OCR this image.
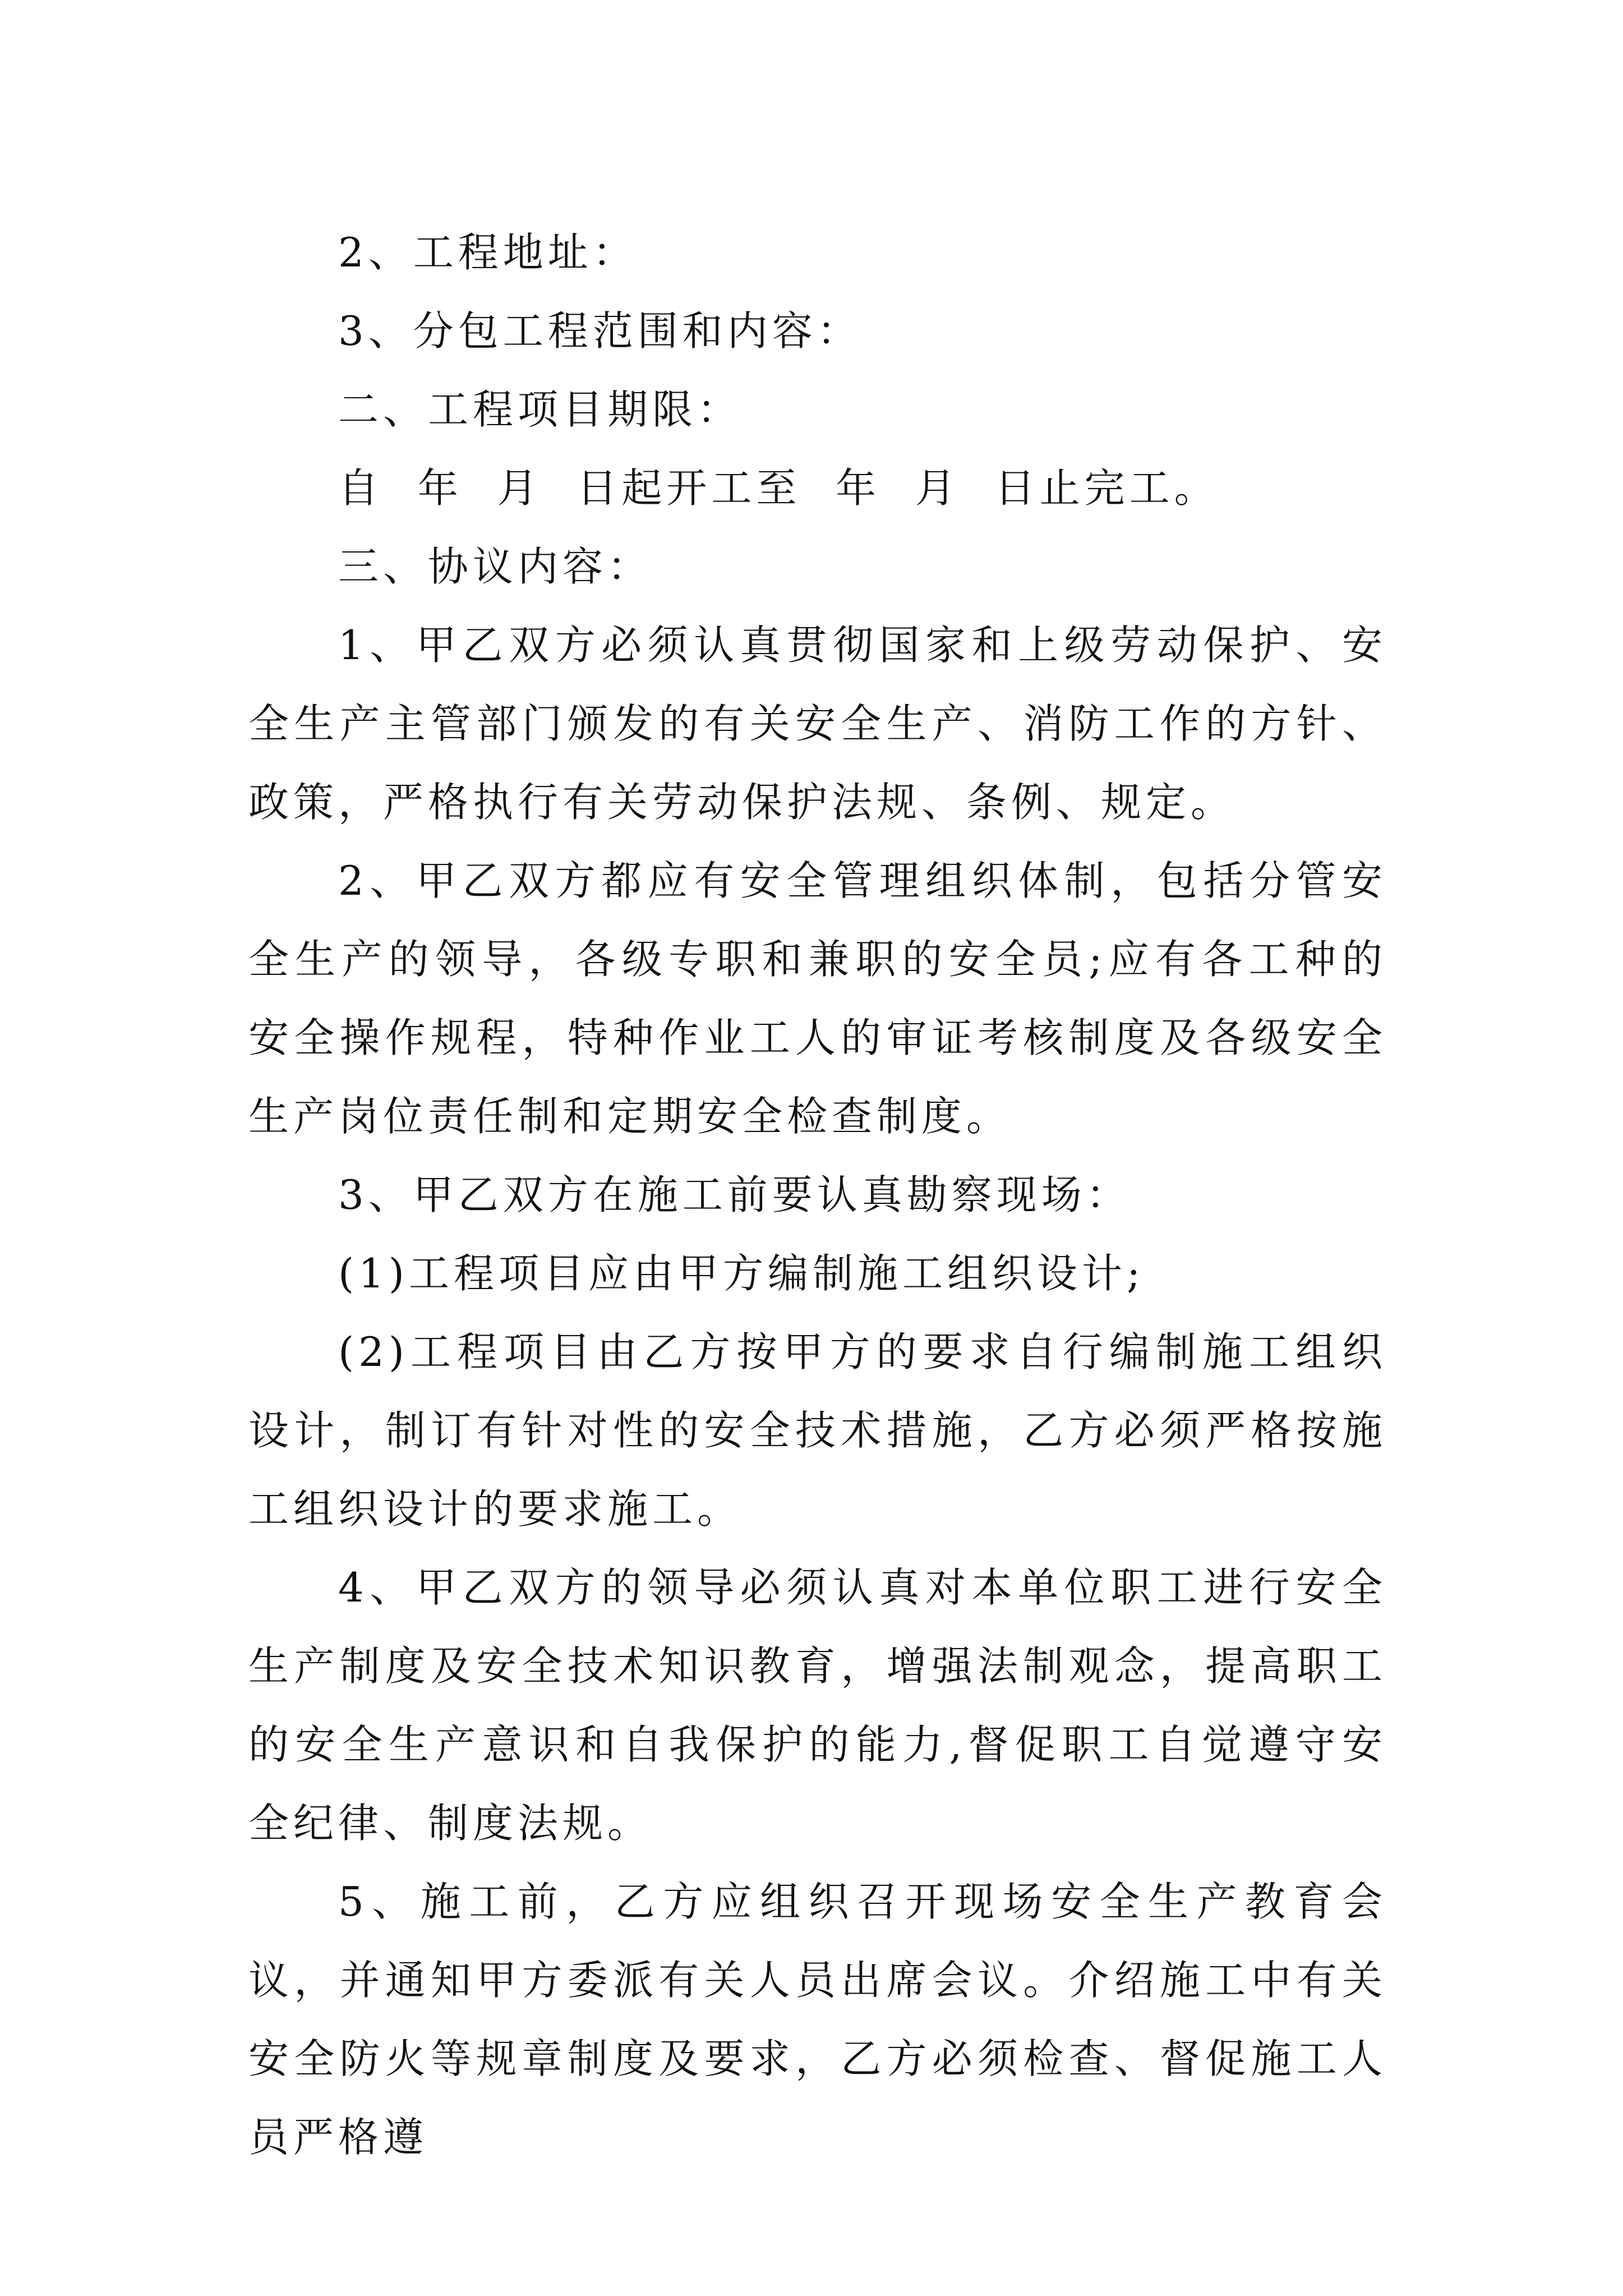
2、工程地址：

3、分包工程范围和内容：

二、工程项目期限：

自  年  月  日起开工至  年  月  日止完工。

三、协议内容：

1、甲乙双方必须认真贯彻国家和上级劳动保护、安全生产主管部门颁发的有关安全生产、消防工作的方针、政策，严格执行有关劳动保护法规、条例、规定。

2、甲乙双方都应有安全管理组织体制，包括分管安全生产的领导，各级专职和兼职的安全员;应有各工种的安全操作规程，特种作业工人的审证考核制度及各级安全生产岗位责任制和定期安全检查制度。

3、甲乙双方在施工前要认真勘察现场：

(1)工程项目应由甲方编制施工组织设计;

(2)工程项目由乙方按甲方的要求自行编制施工组织设计，制订有针对性的安全技术措施，乙方必须严格按施工组织设计的要求施工。

4、甲乙双方的领导必须认真对本单位职工进行安全生产制度及安全技术知识教育，增强法制观念，提高职工的安全生产意识和自我保护的能力,督促职工自觉遵守安全纪律、制度法规。

5、施工前，乙方应组织召开现场安全生产教育会议，并通知甲方委派有关人员出席会议。介绍施工中有关安全防火等规章制度及要求，乙方必须检查、督促施工人员严格遵
